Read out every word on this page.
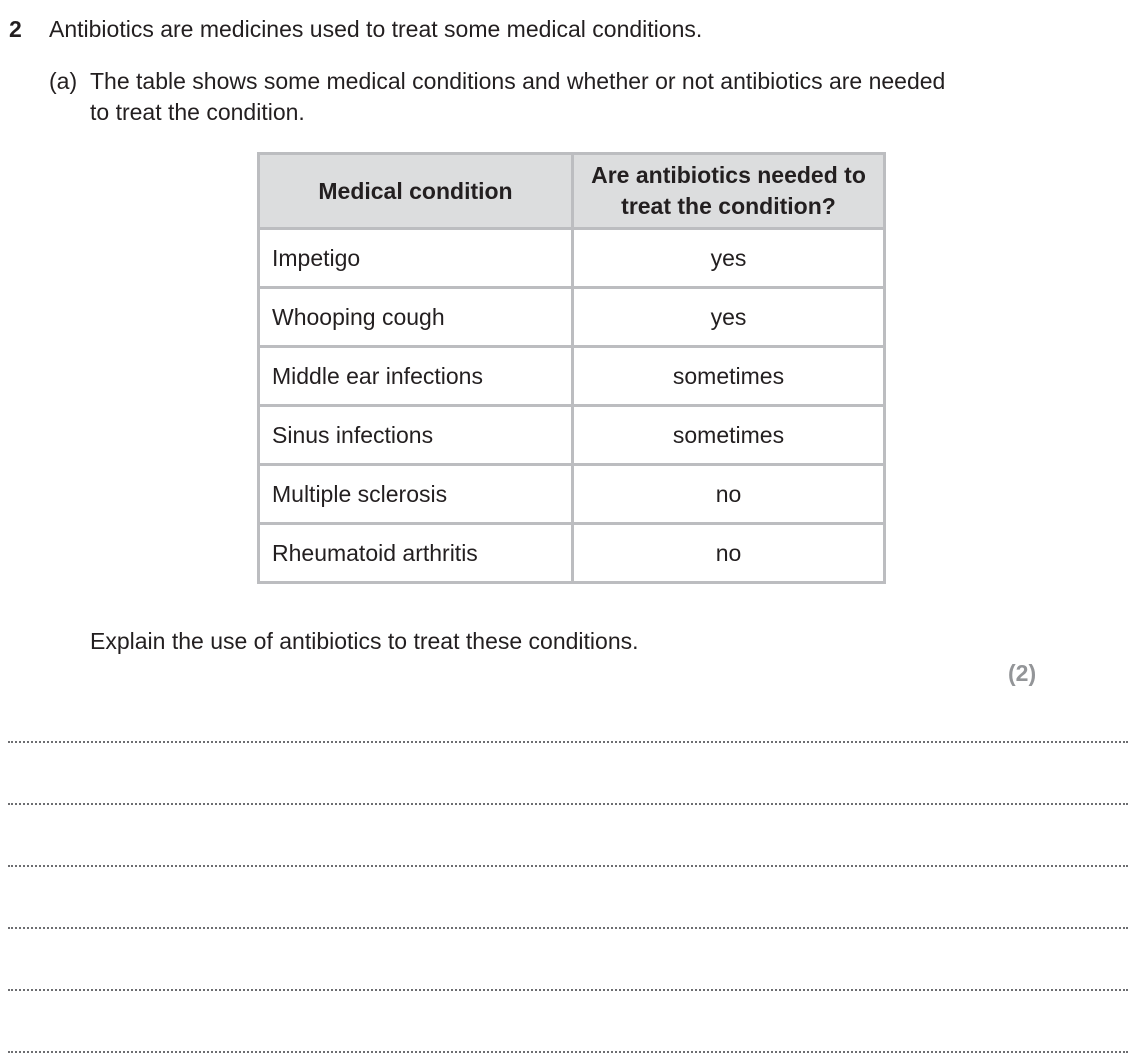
2 Antibiotics are medicines used to treat some medical conditions.
(a) The table shows some medical conditions and whether or not antibiotics are needed to treat the condition.
Medical condition	Are antibiotics needed to treat the condition?
Impetigo	yes
Whooping cough	yes
Middle ear infections	sometimes
Sinus infections	sometimes
Multiple sclerosis	no
Rheumatoid arthritis	no
Explain the use of antibiotics to treat these conditions.
(2)
